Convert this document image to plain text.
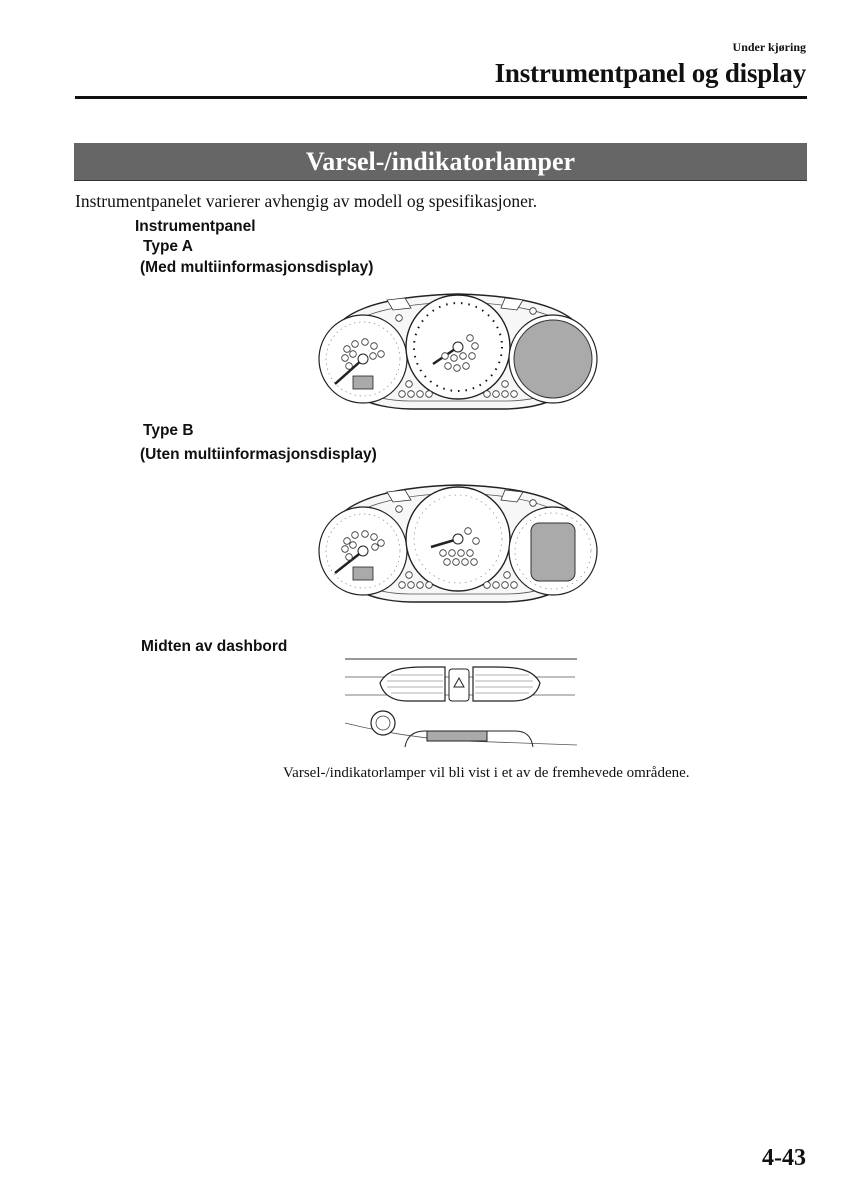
Under kjøring
Instrumentpanel og display
Varsel-/indikatorlamper
Instrumentpanelet varierer avhengig av modell og spesifikasjoner.
Instrumentpanel
Type A
(Med multiinformasjonsdisplay)
Type B
(Uten multiinformasjonsdisplay)
Midten av dashbord
Varsel-/indikatorlamper vil bli vist i et av de fremhevede områdene.
4-43
